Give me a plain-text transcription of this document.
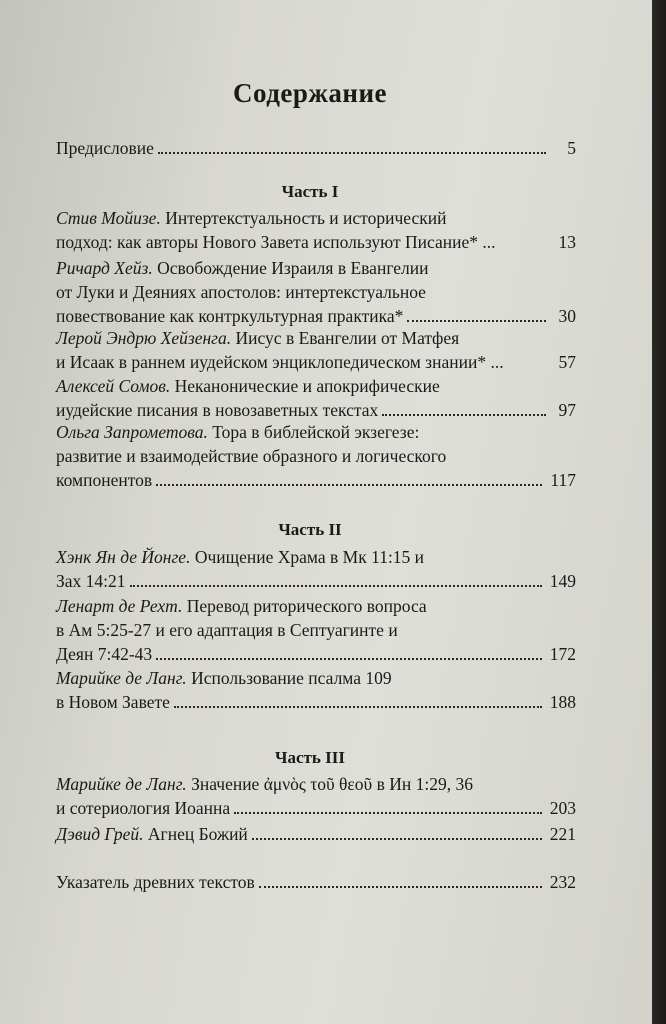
Содержание
Предисловие	5
Часть I
Стив Мойизе.
Интертекстуальность и исторический
подход: как авторы Нового Завета используют Писание* ...	13
Ричард Хейз.
Освобождение Израиля в Евангелии
от Луки и Деяниях апостолов: интертекстуальное
повествование как контркультурная практика*	30
Лерой Эндрю Хейзенга.
Иисус в Евангелии от Матфея
и Исаак в раннем иудейском энциклопедическом знании* ...	57
Алексей Сомов.
Неканонические и апокрифические
иудейские писания в новозаветных текстах	97
Ольга Запрометова.
Тора в библейской экзегезе:
развитие и взаимодействие образного и логического
компонентов	117
Часть II
Хэнк Ян де Йонге.
Очищение Храма в Мк 11:15 и
Зах 14:21	149
Ленарт де Рехт.
Перевод риторического вопроса
в Ам 5:25-27 и его адаптация в Септуагинте и
Деян 7:42-43	172
Марийке де Ланг.
Использование псалма 109
в Новом Завете	188
Часть III
Марийке де Ланг.
Значение ἀμνὸς τοῦ θεοῦ в Ин 1:29, 36
и сотериология Иоанна	203
Дэвид Грей.
Агнец Божий	221
Указатель древних текстов	232
